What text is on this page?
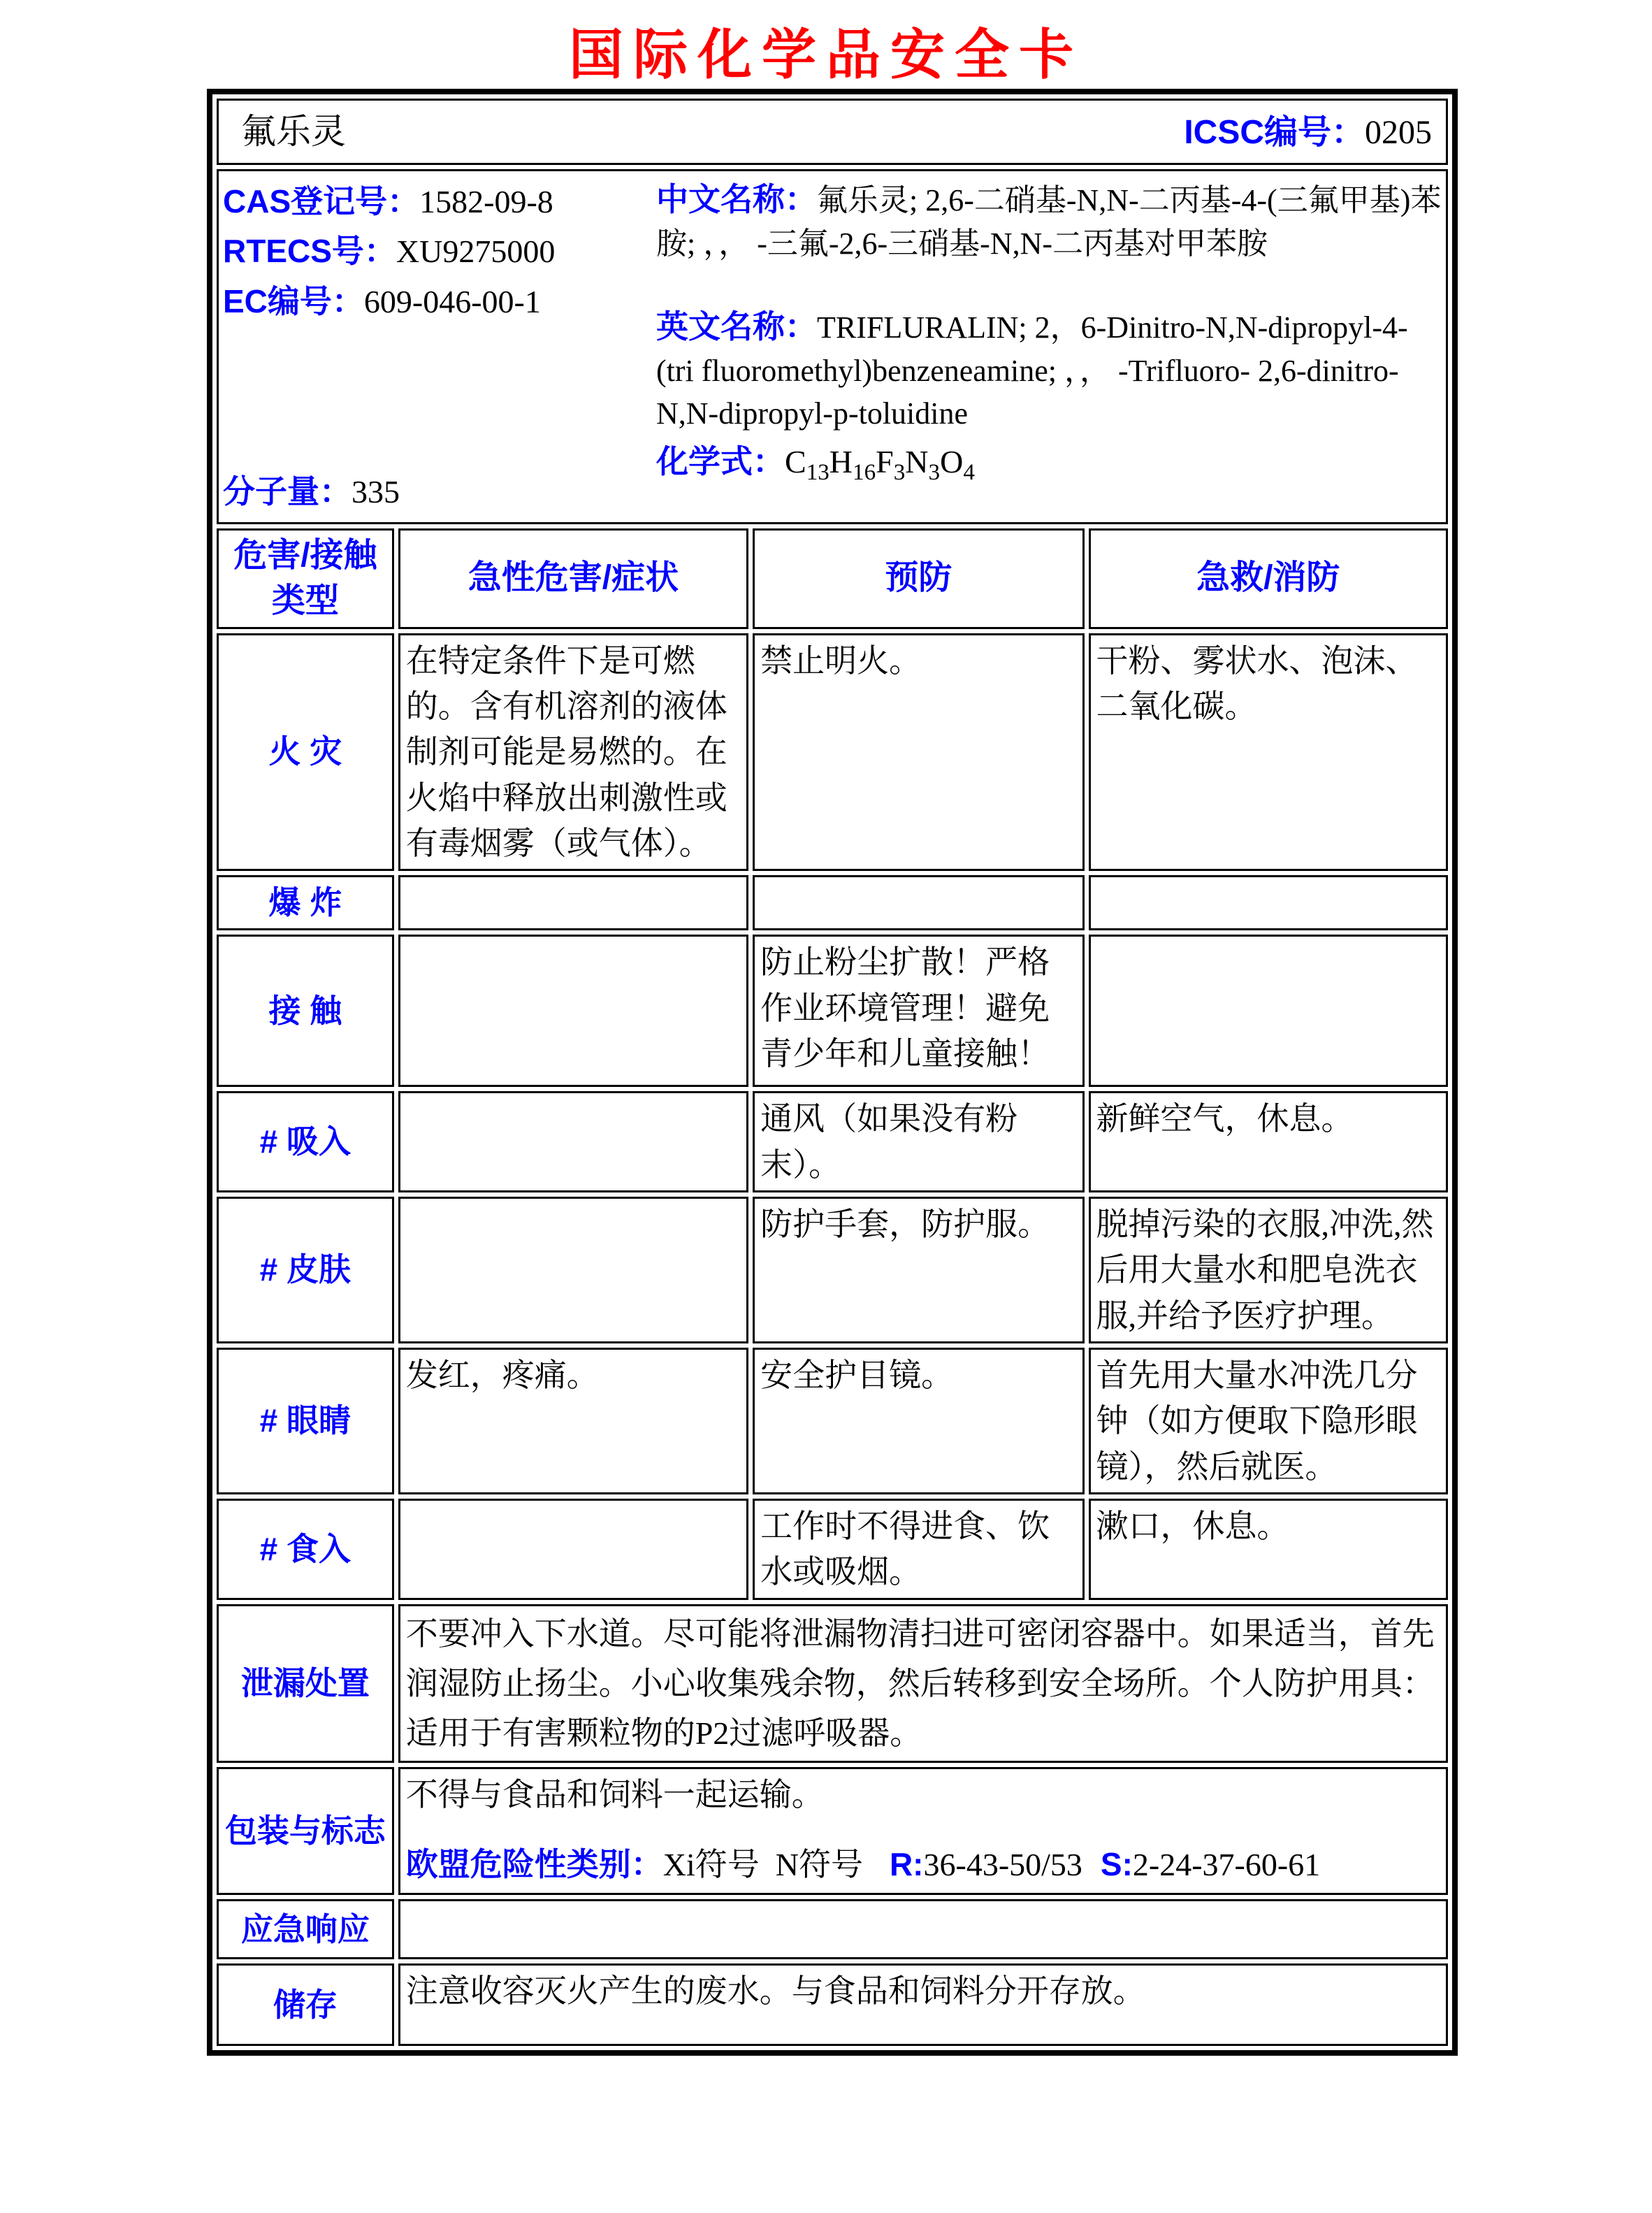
国际化学品安全卡
氟乐灵 ICSC编号：0205			

CAS登记号：1582-09-8
RTECS号：XU9275000
EC编号：609-046-00-1
分子量：335

中文名称：氟乐灵; 2,6-二硝基-N,N-二丙基-4-(三氟甲基)苯胺; ，， -三氟-2,6-三硝基-N,N-二丙基对甲苯胺

英文名称：TRIFLURALIN; 2，6-Dinitro-N,N-dipropyl-4-(tri fluoromethyl)benzeneamine; ，， -Trifluoro- 2,6-dinitro-N,N-dipropyl-p-toluidine

化学式：$C_{13}H_{16}F_3N_3O_4$

危害/接触
类型	急性危害/症状	预防	急救/消防
火 灾	在特定条件下是可燃的。含有机溶剂的液体制剂可能是易燃的。在火焰中释放出刺激性或有毒烟雾（或气体）。	禁止明火。	干粉、雾状水、泡沫、二氧化碳。
爆 炸			
接 触		防止粉尘扩散！严格作业环境管理！避免青少年和儿童接触！	
# 吸入		通风（如果没有粉末）。	新鲜空气，休息。
# 皮肤		防护手套，防护服。	脱掉污染的衣服,冲洗,然后用大量水和肥皂洗衣服,并给予医疗护理。
# 眼睛	发红，疼痛。	安全护目镜。	首先用大量水冲洗几分钟（如方便取下隐形眼镜），然后就医。
# 食入		工作时不得进食、饮水或吸烟。	漱口，休息。
泄漏处置	不要冲入下水道。尽可能将泄漏物清扫进可密闭容器中。如果适当，首先润湿防止扬尘。小心收集残余物，然后转移到安全场所。个人防护用具：适用于有害颗粒物的P2过滤呼吸器。		
包装与标志	不得与食品和饲料一起运输。
欧盟危险性类别：Xi符号  N符号 R:36-43-50/53 S:2-24-37-60-61		

应急响应			
储存	注意收容灭火产生的废水。与食品和饲料分开存放。		
